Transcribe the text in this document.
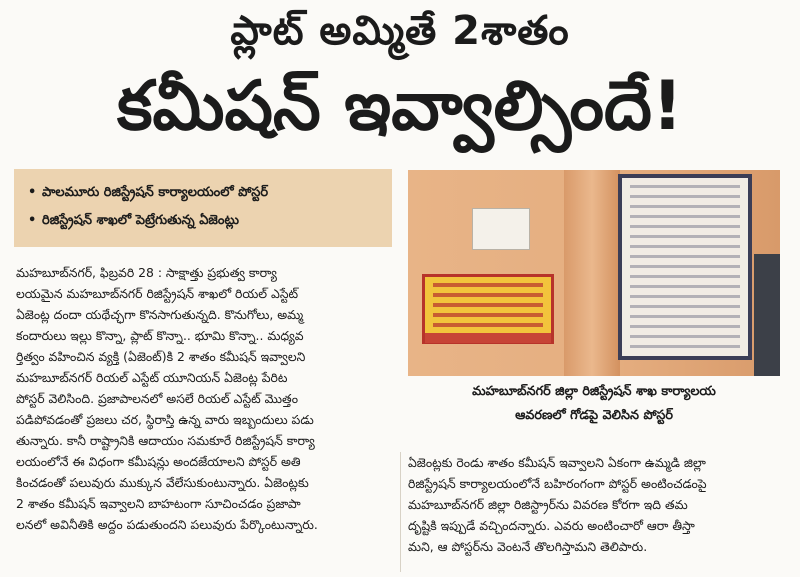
ప్లాట్ అమ్మితే 2శాతం
కమీషన్ ఇవ్వాల్సిందే!
• పాలమూరు రిజిస్ట్రేషన్ కార్యాలయంలో పోస్టర్
• రిజిస్ట్రేషన్ శాఖలో పెట్రేగుతున్న ఏజెంట్లు

మహబూబ్‌నగర్, ఫిబ్రవరి 28 : సాక్షాత్తు ప్రభుత్వ కార్యా

లయమైన మహబూబ్‌నగర్ రిజిస్ట్రేషన్ శాఖలో రియల్ ఎస్టేట్

ఏజెంట్ల దందా యథేచ్ఛగా కొనసాగుతున్నది. కొనుగోలు, అమ్మ

కందారులు ఇల్లు కొన్నా, ప్లాట్ కొన్నా.. భూమి కొన్నా.. మధ్యవ

ర్తిత్వం వహించిన వ్యక్తి (ఏజెంట్)కి 2 శాతం కమీషన్ ఇవ్వాలని

మహబూబ్‌నగర్ రియల్ ఎస్టేట్ యూనియన్ ఏజెంట్ల పేరిట

పోస్టర్ వెలిసింది. ప్రజాపాలనలో అసలే రియల్ ఎస్టేట్ మొత్తం

పడిపోవడంతో ప్రజలు చర, స్థిరాస్తి ఉన్న వారు ఇబ్బందులు పడు

తున్నారు. కానీ రాష్ట్రానికి ఆదాయం సమకూరే రిజిస్ట్రేషన్ కార్యా

లయంలోనే ఈ విధంగా కమీషన్లు అందజేయాలని పోస్టర్ అతి

కించడంతో పలువురు ముక్కున వేలేసుకుంటున్నారు. ఏజెంట్లకు

2 శాతం కమీషన్ ఇవ్వాలని బాహటంగా సూచించడం ప్రజాపా

లనలో అవినీతికి అద్దం పడుతుందని పలువురు పేర్కొంటున్నారు.

మహబూబ్‌నగర్ జిల్లా రిజిస్ట్రేషన్ శాఖ కార్యాలయ
ఆవరణలో గోడపై వెలిసిన పోస్టర్

ఏజెంట్లకు రెండు శాతం కమీషన్ ఇవ్వాలని ఏకంగా ఉమ్మడి జిల్లా

రిజిస్ట్రేషన్ కార్యాలయంలోనే బహిరంగంగా పోస్టర్ అంటించడంపై

మహబూబ్‌నగర్ జిల్లా రిజిస్ట్రార్‌ను వివరణ కోరగా ఇది తమ

దృష్టికి ఇప్పుడే వచ్చిందన్నారు. ఎవరు అంటించారో ఆరా తీస్తా

మని, ఆ పోస్టర్‌ను వెంటనే తొలగిస్తామని తెలిపారు.
